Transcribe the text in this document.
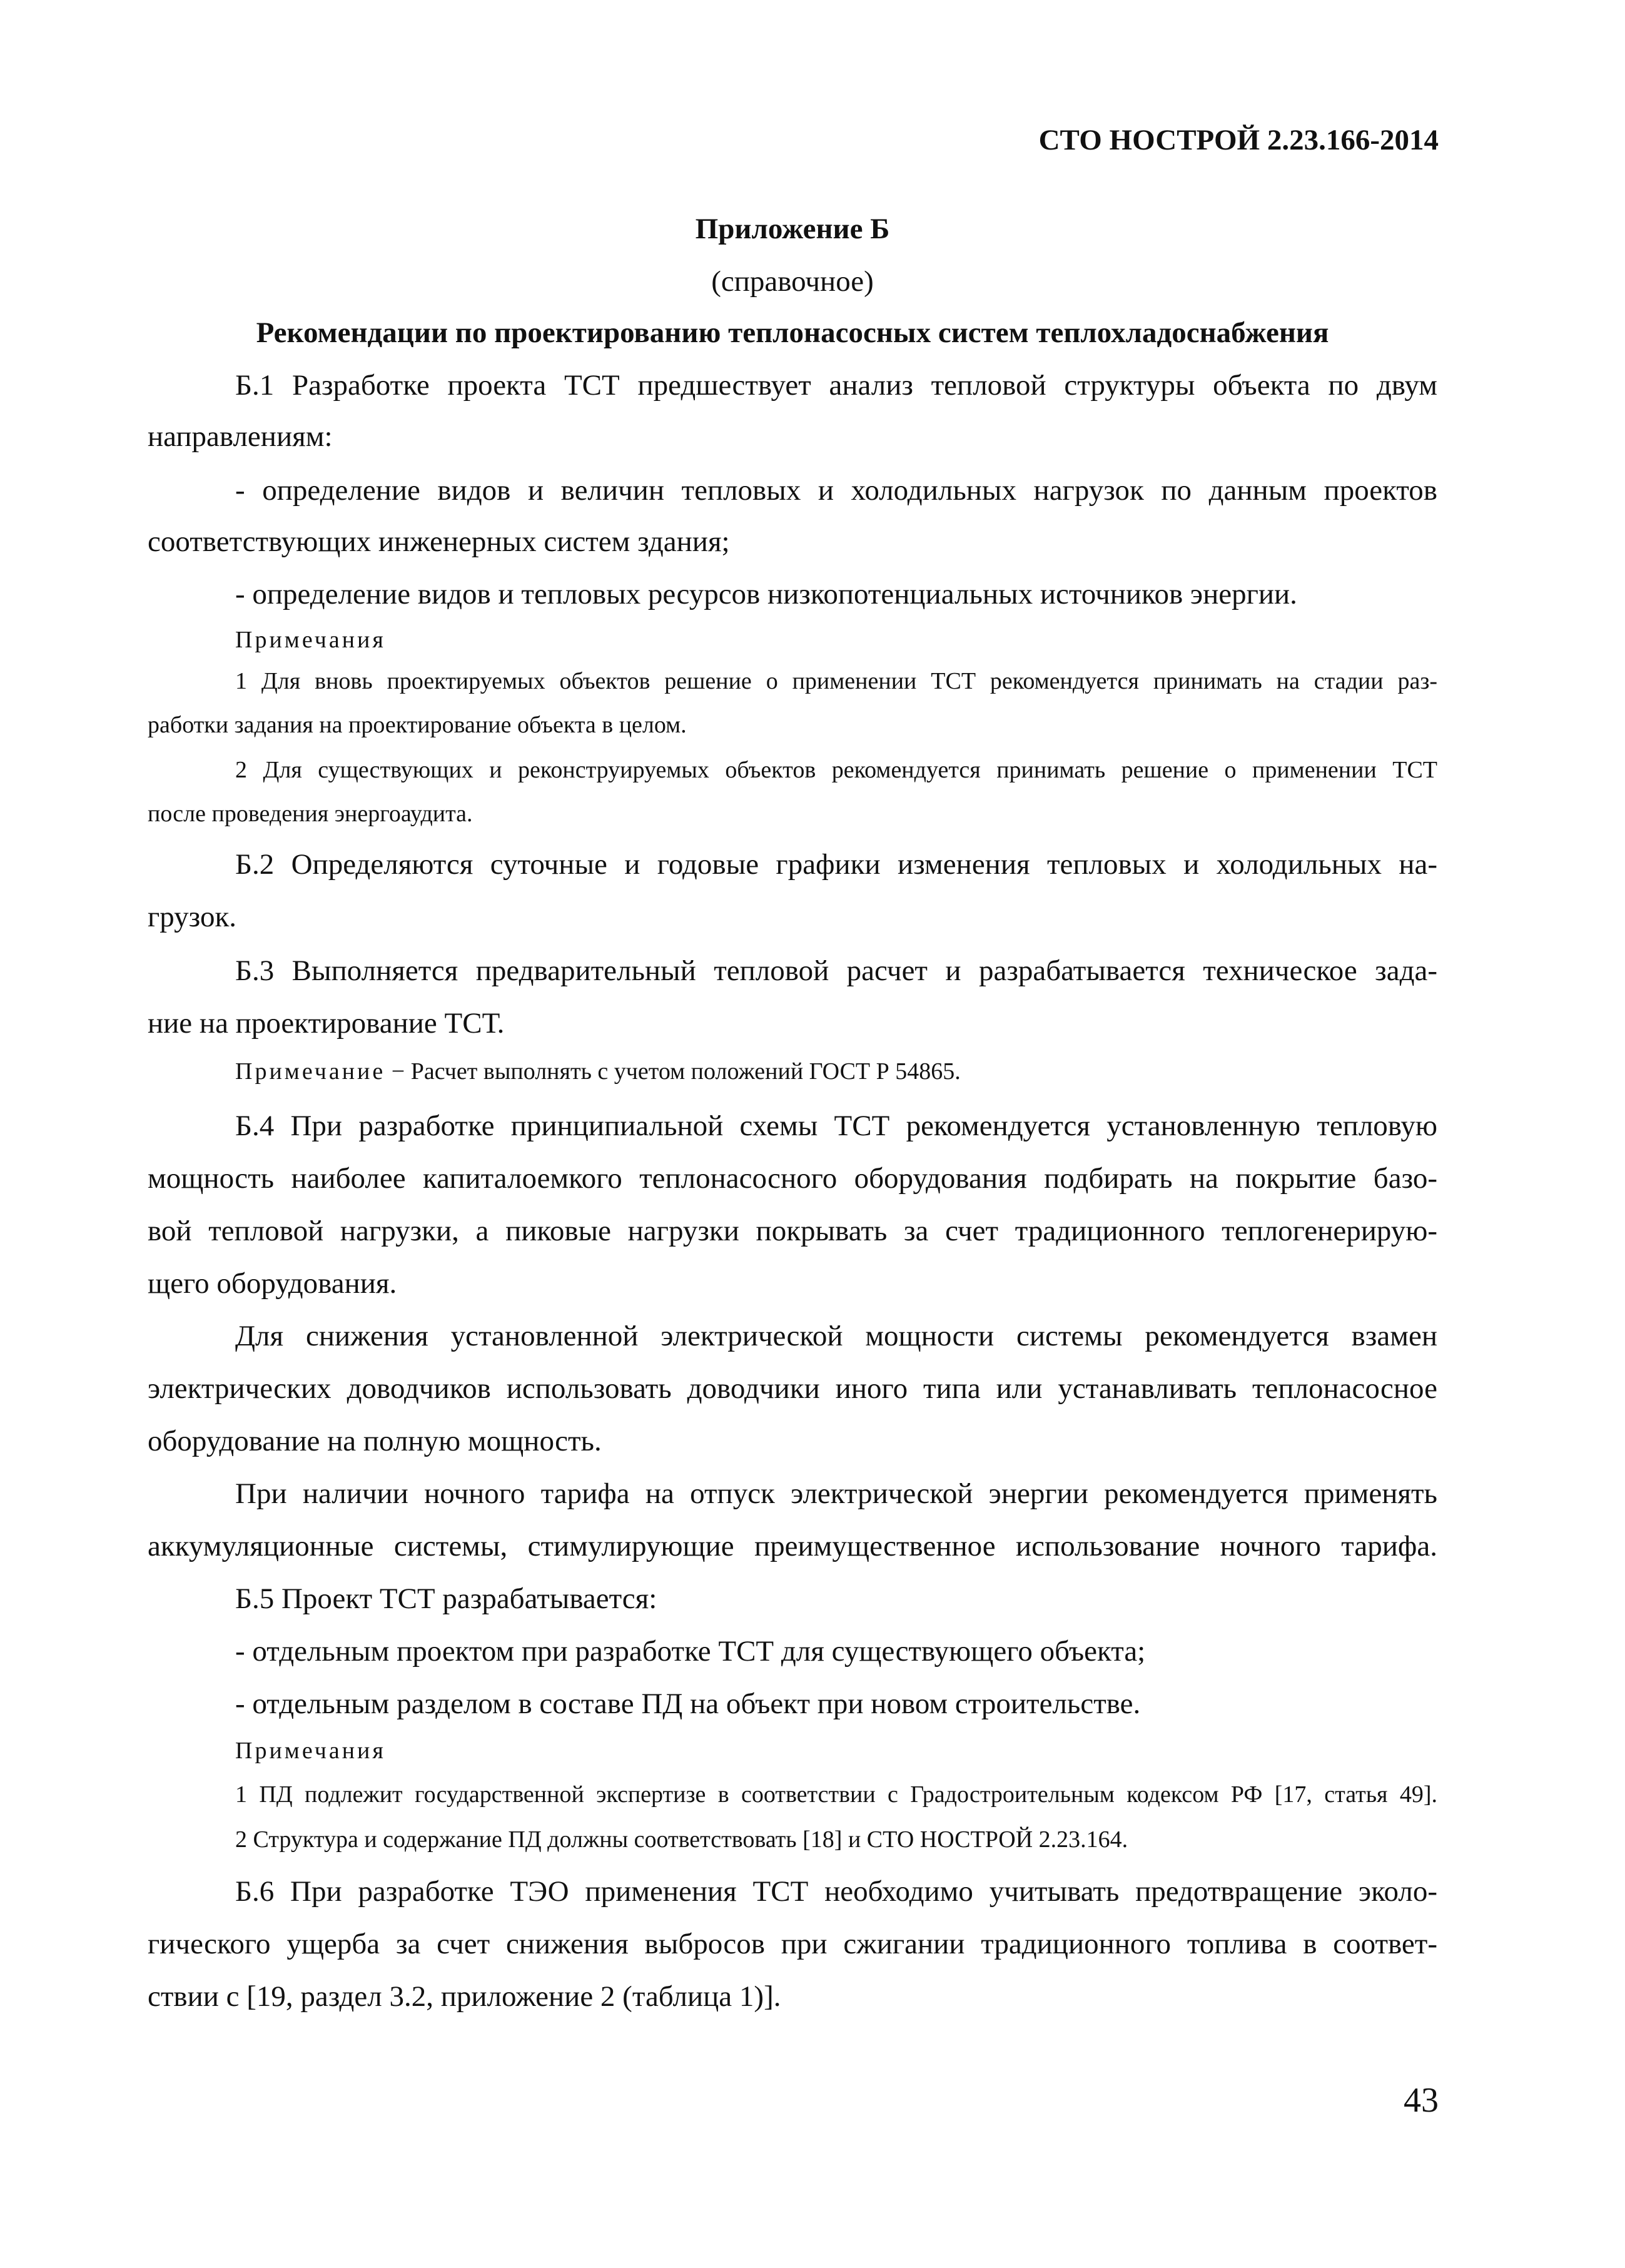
СТО НОСТРОЙ 2.23.166-2014
Приложение Б
(справочное)
Рекомендации по проектированию теплонасосных систем теплохладоснабжения
Б.1 Разработке проекта ТСТ предшествует анализ тепловой структуры объекта по двум
направлениям:
- определение видов и величин тепловых и холодильных нагрузок по данным проектов
соответствующих инженерных систем здания;
- определение видов и тепловых ресурсов низкопотенциальных источников энергии.
Примечания
1 Для вновь проектируемых объектов решение о применении ТСТ рекомендуется принимать на стадии раз-
работки задания на проектирование объекта в целом.
2 Для существующих и реконструируемых объектов рекомендуется принимать решение о применении ТСТ
после проведения энергоаудита.
Б.2 Определяются суточные и годовые графики изменения тепловых и холодильных на-
грузок.
Б.3 Выполняется предварительный тепловой расчет и разрабатывается техническое зада-
ние на проектирование ТСТ.
Примечание − Расчет выполнять с учетом положений ГОСТ Р 54865.
Б.4 При разработке принципиальной схемы ТСТ рекомендуется установленную тепловую
мощность наиболее капиталоемкого теплонасосного оборудования подбирать на покрытие базо-
вой тепловой нагрузки, а пиковые нагрузки покрывать за счет традиционного теплогенерирую-
щего оборудования.
Для снижения установленной электрической мощности системы рекомендуется взамен
электрических доводчиков использовать доводчики иного типа или устанавливать теплонасосное
оборудование на полную мощность.
При наличии ночного тарифа на отпуск электрической энергии рекомендуется применять
аккумуляционные системы, стимулирующие преимущественное использование ночного тарифа.
Б.5 Проект ТСТ разрабатывается:
- отдельным проектом при разработке ТСТ для существующего объекта;
- отдельным разделом в составе ПД на объект при новом строительстве.
Примечания
1 ПД подлежит государственной экспертизе в соответствии с Градостроительным кодексом РФ [17, статья 49].
2 Структура и содержание ПД должны соответствовать [18] и СТО НОСТРОЙ 2.23.164.
Б.6 При разработке ТЭО применения ТСТ необходимо учитывать предотвращение эколо-
гического ущерба за счет снижения выбросов при сжигании традиционного топлива в соответ-
ствии с [19, раздел 3.2, приложение 2 (таблица 1)].
43
